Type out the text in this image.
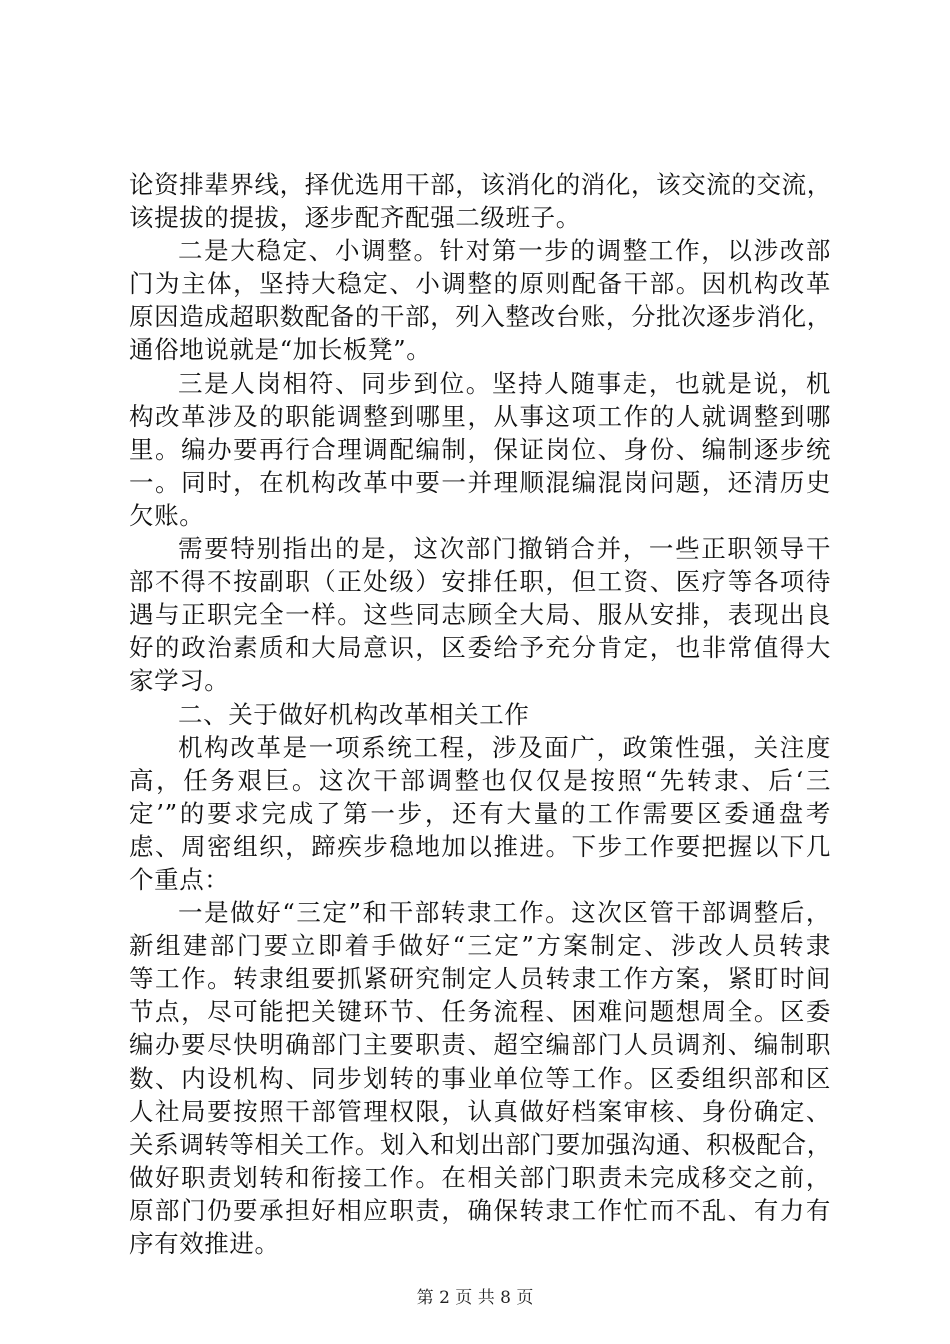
论资排辈界线，择优选用干部，该消化的消化，该交流的交流，
该提拔的提拔，逐步配齐配强二级班子。
二是大稳定、小调整。针对第一步的调整工作，以涉改部
门为主体，坚持大稳定、小调整的原则配备干部。因机构改革
原因造成超职数配备的干部，列入整改台账，分批次逐步消化，
通俗地说就是“加长板凳”。
三是人岗相符、同步到位。坚持人随事走，也就是说，机
构改革涉及的职能调整到哪里，从事这项工作的人就调整到哪
里。编办要再行合理调配编制，保证岗位、身份、编制逐步统
一。同时，在机构改革中要一并理顺混编混岗问题，还清历史
欠账。
需要特别指出的是，这次部门撤销合并，一些正职领导干
部不得不按副职（正处级）安排任职，但工资、医疗等各项待
遇与正职完全一样。这些同志顾全大局、服从安排，表现出良
好的政治素质和大局意识，区委给予充分肯定，也非常值得大
家学习。
二、关于做好机构改革相关工作
机构改革是一项系统工程，涉及面广，政策性强，关注度
高，任务艰巨。这次干部调整也仅仅是按照“先转隶、后‘三
定’”的要求完成了第一步，还有大量的工作需要区委通盘考
虑、周密组织，蹄疾步稳地加以推进。下步工作要把握以下几
个重点：
一是做好“三定”和干部转隶工作。这次区管干部调整后，
新组建部门要立即着手做好“三定”方案制定、涉改人员转隶
等工作。转隶组要抓紧研究制定人员转隶工作方案，紧盯时间
节点，尽可能把关键环节、任务流程、困难问题想周全。区委
编办要尽快明确部门主要职责、超空编部门人员调剂、编制职
数、内设机构、同步划转的事业单位等工作。区委组织部和区
人社局要按照干部管理权限，认真做好档案审核、身份确定、
关系调转等相关工作。划入和划出部门要加强沟通、积极配合，
做好职责划转和衔接工作。在相关部门职责未完成移交之前，
原部门仍要承担好相应职责，确保转隶工作忙而不乱、有力有
序有效推进。
第 2 页 共 8 页
